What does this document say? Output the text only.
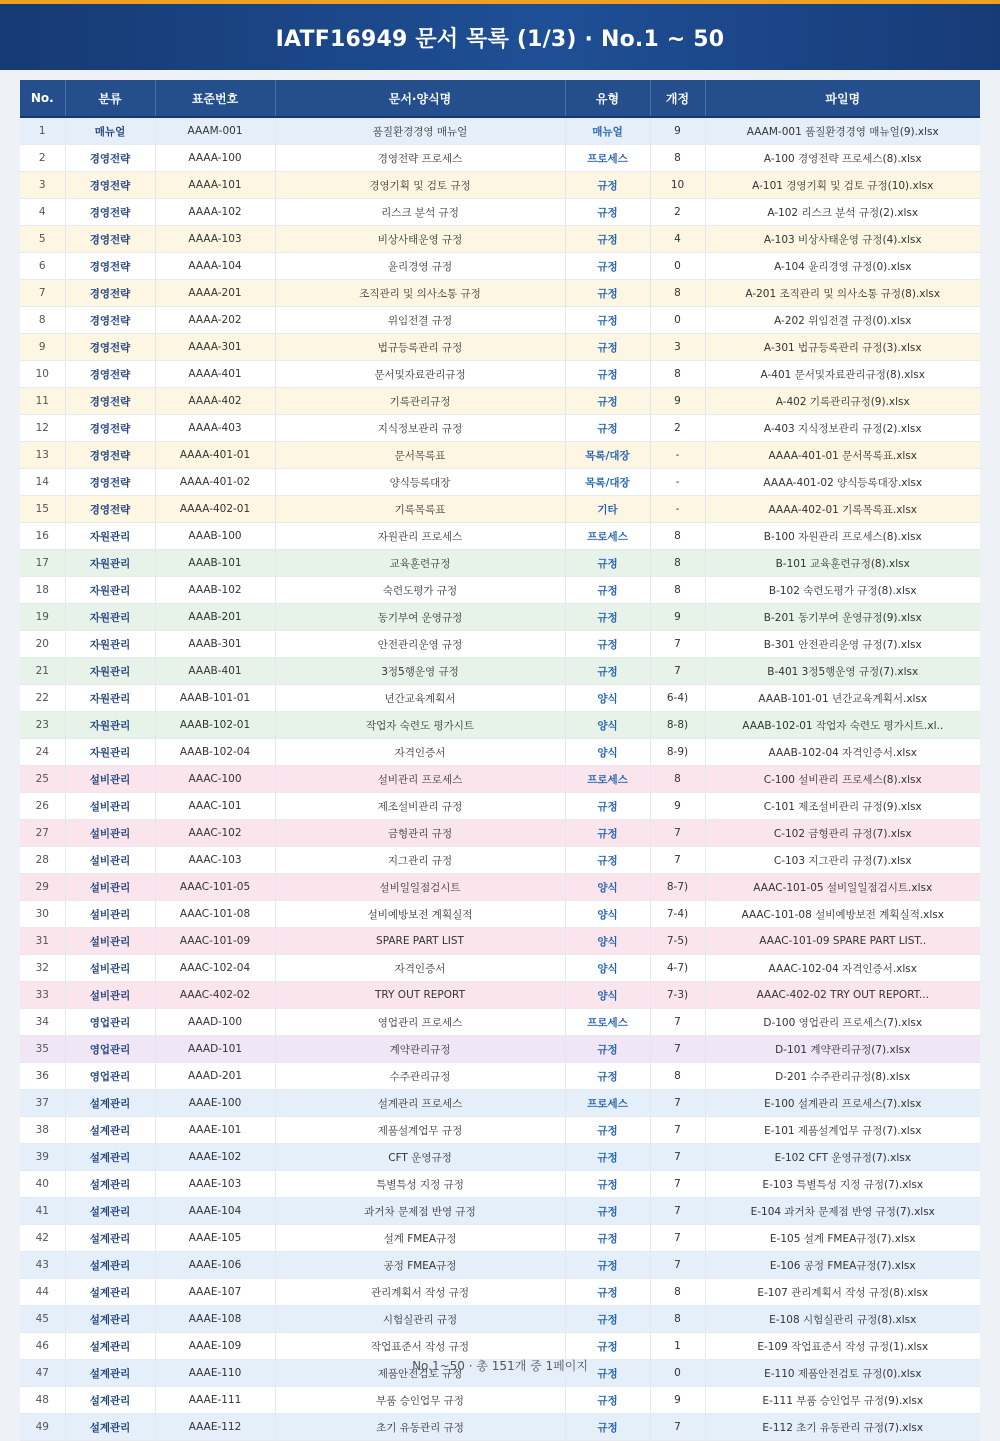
IATF16949 문서 목록 (1/3) · No.1 ~ 50
No.	분류	표준번호	문서·양식명	유형	개정	파일명
1	매뉴얼	AAAM-001	품질환경경영 매뉴얼	매뉴얼	9	AAAM-001 품질환경경영 매뉴얼(9).xlsx
2	경영전략	AAAA-100	경영전략 프로세스	프로세스	8	A-100 경영전략 프로세스(8).xlsx
3	경영전략	AAAA-101	경영기획 및 검토 규정	규정	10	A-101 경영기획 및 검토 규정(10).xlsx
4	경영전략	AAAA-102	리스크 분석 규정	규정	2	A-102 리스크 분석 규정(2).xlsx
5	경영전략	AAAA-103	비상사태운영 규정	규정	4	A-103 비상사태운영 규정(4).xlsx
6	경영전략	AAAA-104	윤리경영 규정	규정	0	A-104 윤리경영 규정(0).xlsx
7	경영전략	AAAA-201	조직관리 및 의사소통 규정	규정	8	A-201 조직관리 및 의사소통 규정(8).xlsx
8	경영전략	AAAA-202	위임전결 규정	규정	0	A-202 위임전결 규정(0).xlsx
9	경영전략	AAAA-301	법규등록관리 규정	규정	3	A-301 법규등록관리 규정(3).xlsx
10	경영전략	AAAA-401	문서및자료관리규정	규정	8	A-401 문서및자료관리규정(8).xlsx
11	경영전략	AAAA-402	기록관리규정	규정	9	A-402 기록관리규정(9).xlsx
12	경영전략	AAAA-403	지식정보관리 규정	규정	2	A-403 지식정보관리 규정(2).xlsx
13	경영전략	AAAA-401-01	문서목록표	목록/대장	-	AAAA-401-01 문서목록표.xlsx
14	경영전략	AAAA-401-02	양식등록대장	목록/대장	-	AAAA-401-02 양식등록대장.xlsx
15	경영전략	AAAA-402-01	기록목록표	기타	-	AAAA-402-01 기록목록표.xlsx
16	자원관리	AAAB-100	자원관리 프로세스	프로세스	8	B-100 자원관리 프로세스(8).xlsx
17	자원관리	AAAB-101	교육훈련규정	규정	8	B-101 교육훈련규정(8).xlsx
18	자원관리	AAAB-102	숙련도평가 규정	규정	8	B-102 숙련도평가 규정(8).xlsx
19	자원관리	AAAB-201	동기부여 운영규정	규정	9	B-201 동기부여 운영규정(9).xlsx
20	자원관리	AAAB-301	안전관리운영 규정	규정	7	B-301 안전관리운영 규정(7).xlsx
21	자원관리	AAAB-401	3정5행운영 규정	규정	7	B-401 3정5행운영 규정(7).xlsx
22	자원관리	AAAB-101-01	년간교육계획서	양식	6-4)	AAAB-101-01 년간교육계획서.xlsx
23	자원관리	AAAB-102-01	작업자 숙련도 평가시트	양식	8-8)	AAAB-102-01 작업자 숙련도 평가시트.xl..
24	자원관리	AAAB-102-04	자격인증서	양식	8-9)	AAAB-102-04 자격인증서.xlsx
25	설비관리	AAAC-100	설비관리 프로세스	프로세스	8	C-100 설비관리 프로세스(8).xlsx
26	설비관리	AAAC-101	제조설비관리 규정	규정	9	C-101 제조설비관리 규정(9).xlsx
27	설비관리	AAAC-102	금형관리 규정	규정	7	C-102 금형관리 규정(7).xlsx
28	설비관리	AAAC-103	지그관리 규정	규정	7	C-103 지그관리 규정(7).xlsx
29	설비관리	AAAC-101-05	설비일일점검시트	양식	8-7)	AAAC-101-05 설비일일점검시트.xlsx
30	설비관리	AAAC-101-08	설비예방보전 계획실적	양식	7-4)	AAAC-101-08 설비예방보전 계획실적.xlsx
31	설비관리	AAAC-101-09	SPARE PART LIST	양식	7-5)	AAAC-101-09 SPARE PART LIST..
32	설비관리	AAAC-102-04	자격인증서	양식	4-7)	AAAC-102-04 자격인증서.xlsx
33	설비관리	AAAC-402-02	TRY OUT REPORT	양식	7-3)	AAAC-402-02 TRY OUT REPORT...
34	영업관리	AAAD-100	영업관리 프로세스	프로세스	7	D-100 영업관리 프로세스(7).xlsx
35	영업관리	AAAD-101	계약관리규정	규정	7	D-101 계약관리규정(7).xlsx
36	영업관리	AAAD-201	수주관리규정	규정	8	D-201 수주관리규정(8).xlsx
37	설계관리	AAAE-100	설계관리 프로세스	프로세스	7	E-100 설계관리 프로세스(7).xlsx
38	설계관리	AAAE-101	제품설계업무 규정	규정	7	E-101 제품설계업무 규정(7).xlsx
39	설계관리	AAAE-102	CFT 운영규정	규정	7	E-102 CFT 운영규정(7).xlsx
40	설계관리	AAAE-103	특별특성 지정 규정	규정	7	E-103 특별특성 지정 규정(7).xlsx
41	설계관리	AAAE-104	과거차 문제점 반영 규정	규정	7	E-104 과거차 문제점 반영 규정(7).xlsx
42	설계관리	AAAE-105	설계 FMEA규정	규정	7	E-105 설계 FMEA규정(7).xlsx
43	설계관리	AAAE-106	공정 FMEA규정	규정	7	E-106 공정 FMEA규정(7).xlsx
44	설계관리	AAAE-107	관리계획서 작성 규정	규정	8	E-107 관리계획서 작성 규정(8).xlsx
45	설계관리	AAAE-108	시험실관리 규정	규정	8	E-108 시험실관리 규정(8).xlsx
46	설계관리	AAAE-109	작업표준서 작성 규정	규정	1	E-109 작업표준서 작성 규정(1).xlsx
47	설계관리	AAAE-110	제품안전검토 규정	규정	0	E-110 제품안전검토 규정(0).xlsx
48	설계관리	AAAE-111	부품 승인업무 규정	규정	9	E-111 부품 승인업무 규정(9).xlsx
49	설계관리	AAAE-112	초기 유동관리 규정	규정	7	E-112 초기 유동관리 규정(7).xlsx
No.1~50 · 총 151개 중 1페이지
